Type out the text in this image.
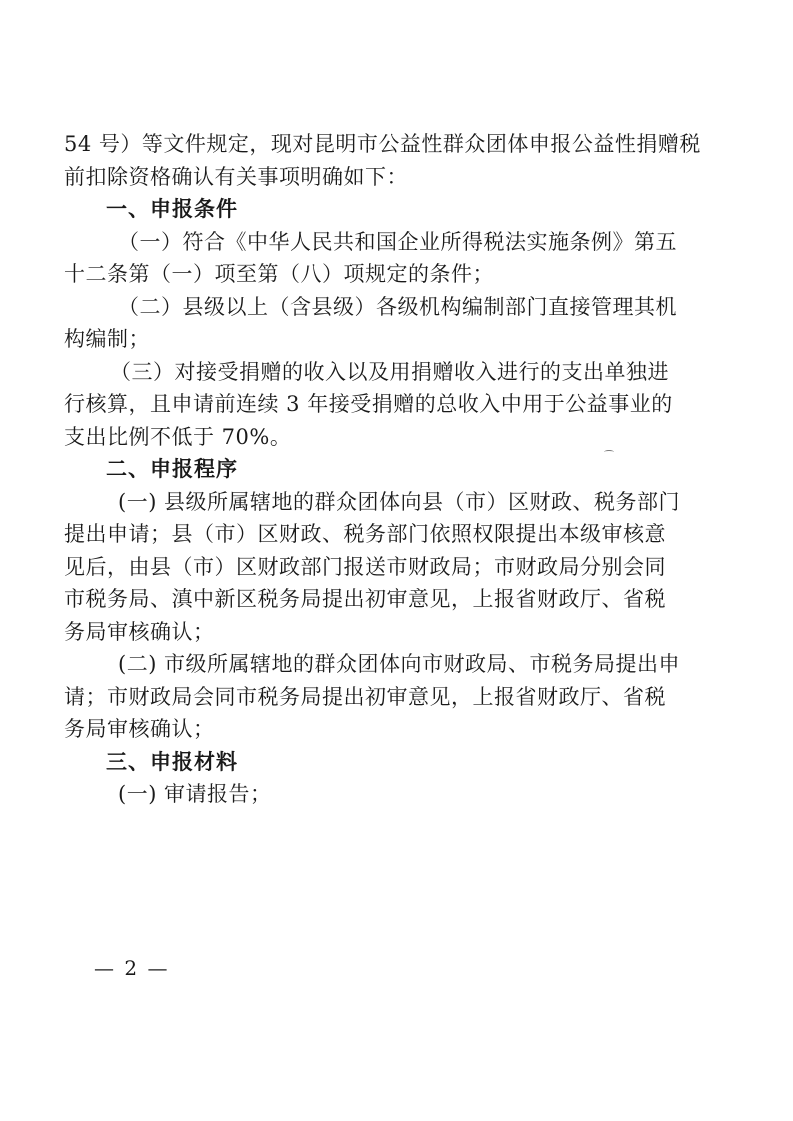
54 号）等文件规定，现对昆明市公益性群众团体申报公益性捐赠税
前扣除资格确认有关事项明确如下：
一、申报条件
（一）符合《中华人民共和国企业所得税法实施条例》第五
十二条第（一）项至第（八）项规定的条件；
（二）县级以上（含县级）各级机构编制部门直接管理其机
构编制；
（三）对接受捐赠的收入以及用捐赠收入进行的支出单独进
行核算，且申请前连续 3 年接受捐赠的总收入中用于公益事业的
支出比例不低于 70%。
二、申报程序
(一) 县级所属辖地的群众团体向县（市）区财政、税务部门
提出申请；县（市）区财政、税务部门依照权限提出本级审核意
见后，由县（市）区财政部门报送市财政局；市财政局分别会同
市税务局、滇中新区税务局提出初审意见，上报省财政厅、省税
务局审核确认；
(二) 市级所属辖地的群众团体向市财政局、市税务局提出申
请；市财政局会同市税务局提出初审意见，上报省财政厅、省税
务局审核确认；
三、申报材料
(一) 审请报告；
— 2 —
